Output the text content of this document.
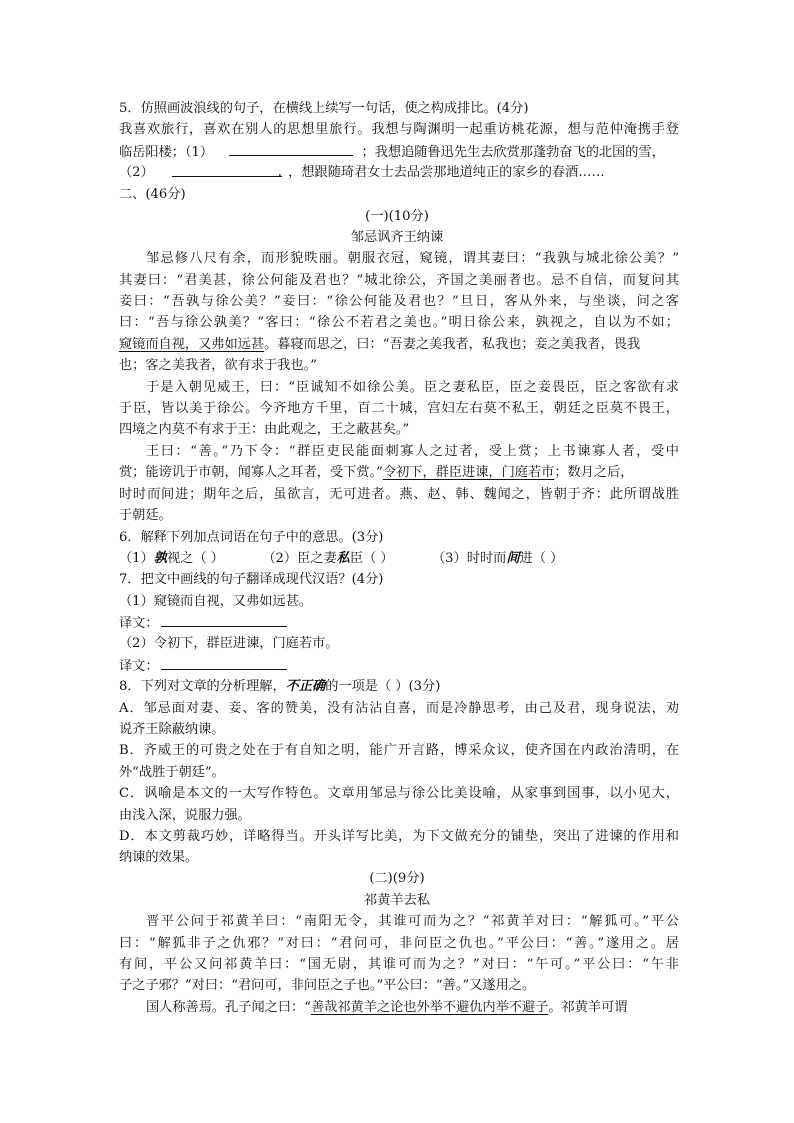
5．仿照画波浪线的句子，在横线上续写一句话，使之构成排比。(4分)
我喜欢旅行，喜欢在别人的思想里旅行。我想与陶渊明一起重访桃花源，想与范仲淹携手登
临岳阳楼；（1）	；我想追随鲁迅先生去欣赏那蓬勃奋飞的北国的雪，
（2）	. ，想跟随琦君女士去品尝那地道纯正的家乡的春酒……
二、(46分)
(一)(10分)
邹忌讽齐王纳谏
邹忌修八尺有余，而形貌昳丽。朝服衣冠，窥镜，谓其妻曰：“我孰与城北徐公美？”
其妻曰：“君美甚，徐公何能及君也？”城北徐公，齐国之美丽者也。忌不自信，而复问其
妾曰：“吾孰与徐公美？”妾曰：“徐公何能及君也？”旦日，客从外来，与坐谈，问之客
曰：“吾与徐公孰美？”客曰：“徐公不若君之美也。”明日徐公来，孰视之，自以为不如；
窥镜而自视，又弗如远甚。暮寝而思之，曰：“吾妻之美我者，私我也；妾之美我者，畏我
也；客之美我者，欲有求于我也。”
于是入朝见威王，曰：“臣诚知不如徐公美。臣之妻私臣，臣之妾畏臣，臣之客欲有求
于臣，皆以美于徐公。今齐地方千里，百二十城，宫妇左右莫不私王，朝廷之臣莫不畏王，
四境之内莫不有求于王：由此观之，王之蔽甚矣。”
王曰：“善。”乃下令：“群臣吏民能面刺寡人之过者，受上赏；上书谏寡人者，受中
赏；能谤讥于市朝，闻寡人之耳者，受下赏。”令初下，群臣进谏，门庭若市；数月之后，
时时而间进；期年之后，虽欲言，无可进者。燕、赵、韩、魏闻之，皆朝于齐：此所谓战胜
于朝廷。
6．解释下列加点词语在句子中的意思。(3分)
（1）孰视之（ ）	（2）臣之妻私臣（ ）	（3）时时而间进（ ）
7．把文中画线的句子翻译成现代汉语？(4分)
（1）窥镜而自视，又弗如远甚。
译文：
（2）令初下，群臣进谏，门庭若市。
译文：
8．下列对文章的分析理解，不正确的一项是（ ）(3分)
A．邹忌面对妻、妾、客的赞美，没有沾沾自喜，而是冷静思考，由己及君，现身说法，劝
说齐王除蔽纳谏。
B．齐威王的可贵之处在于有自知之明，能广开言路，博采众议，使齐国在内政治清明，在
外“战胜于朝廷”。
C．讽喻是本文的一大写作特色。文章用邹忌与徐公比美设喻，从家事到国事，以小见大，
由浅入深，说服力强。
D．本文剪裁巧妙，详略得当。开头详写比美，为下文做充分的铺垫，突出了进谏的作用和
纳谏的效果。
(二)(9分)
祁黄羊去私
晋平公问于祁黄羊曰：“南阳无令，其谁可而为之？”祁黄羊对曰：“解狐可。”平公
曰：“解狐非子之仇邪？”对曰：“君问可，非问臣之仇也。”平公曰：“善。”遂用之。居
有间，平公又问祁黄羊曰：“国无尉，其谁可而为之？”对曰：“午可。”平公曰：“午非
子之子邪？”对曰：“君问可，非问臣之子也。”平公曰：“善。”又遂用之。
国人称善焉。孔子闻之曰：“善哉祁黄羊之论也外举不避仇内举不避子。祁黄羊可谓
